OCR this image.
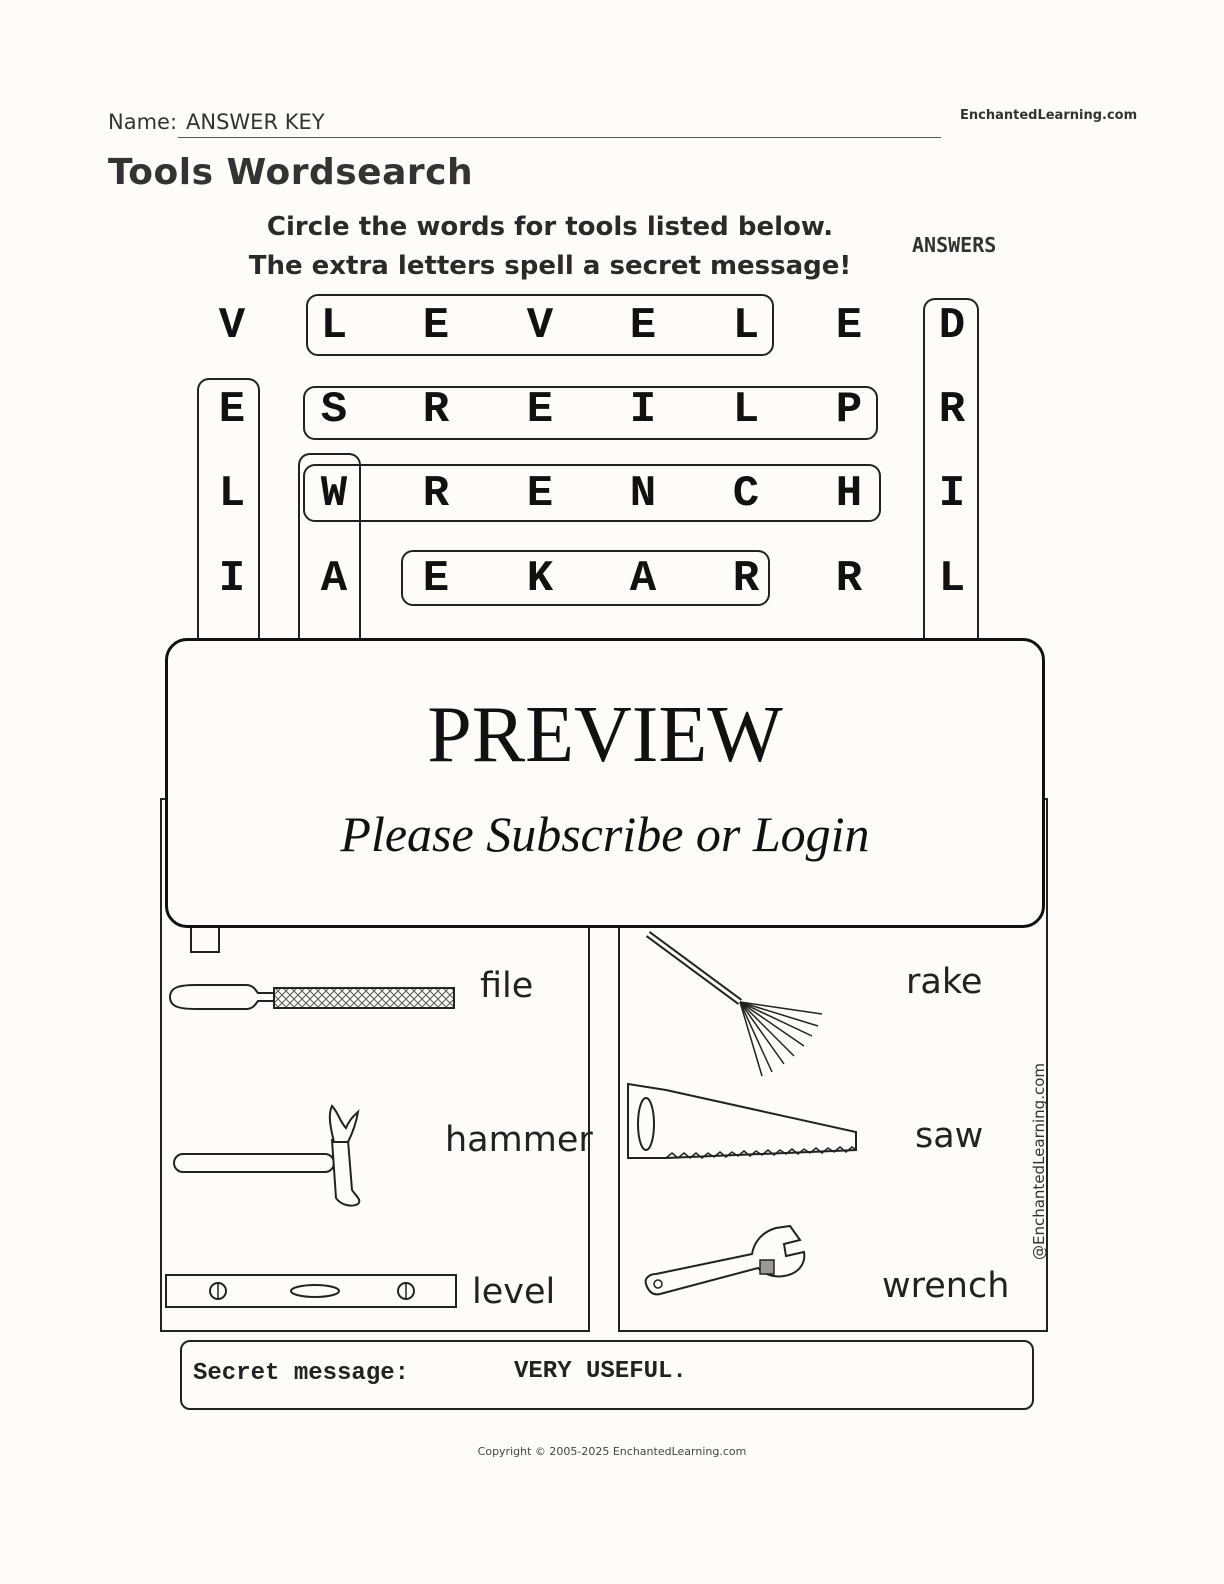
Name: ANSWER KEY	EnchantedLearning.com
Tools Wordsearch
Circle the words for tools listed below.
The extra letters spell a secret message!
ANSWERS
V	L	E	V	E	L	E	D
E	S	R	E	I	L	P	R
L	W	R	E	N	C	H	I
I	A	E	K	A	R	R	L
file
hammer
level
rake
saw
wrench
@EnchantedLearning.com
PREVIEW
Please Subscribe or Login
Secret message:	VERY USEFUL.
Copyright © 2005-2025 EnchantedLearning.com
